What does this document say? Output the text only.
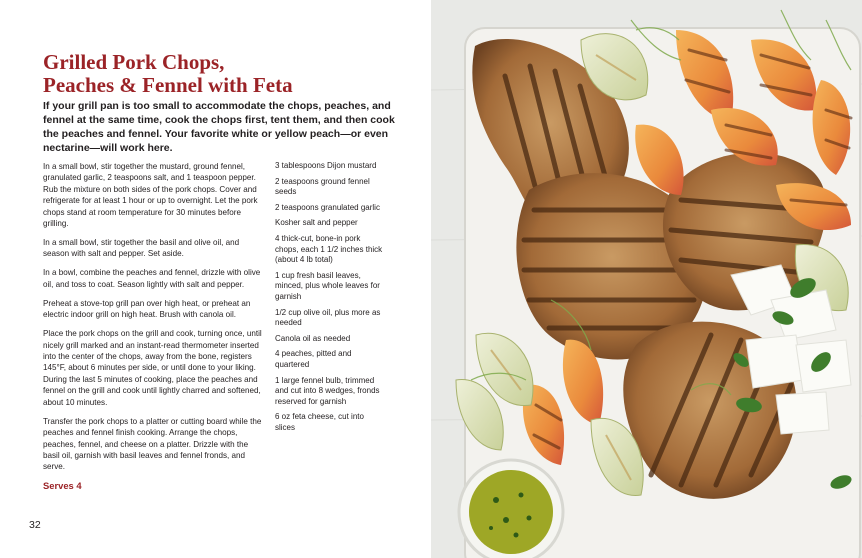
Grilled Pork Chops,
Peaches & Fennel with Feta

If your grill pan is too small to accommodate the chops, peaches, and fennel at the same time, cook the chops first, tent them, and then cook the peaches and fennel. Your favorite white or yellow peach—or even nectarine—will work here.

In a small bowl, stir together the mustard, ground fennel, granulated garlic, 2 teaspoons salt, and 1 teaspoon pepper. Rub the mixture on both sides of the pork chops. Cover and refrigerate for at least 1 hour or up to overnight. Let the pork chops stand at room temperature for 30 minutes before grilling.

In a small bowl, stir together the basil and olive oil, and season with salt and pepper. Set aside.

In a bowl, combine the peaches and fennel, drizzle with olive oil, and toss to coat. Season lightly with salt and pepper.

Preheat a stove-top grill pan over high heat, or preheat an electric indoor grill on high heat. Brush with canola oil.

Place the pork chops on the grill and cook, turning once, until nicely grill marked and an instant-read thermometer inserted into the center of the chops, away from the bone, registers 145°F, about 6 minutes per side, or until done to your liking. During the last 5 minutes of cooking, place the peaches and fennel on the grill and cook until lightly charred and softened, about 10 minutes.

Transfer the pork chops to a platter or cutting board while the peaches and fennel finish cooking. Arrange the chops, peaches, fennel, and cheese on a platter. Drizzle with the basil oil, garnish with basil leaves and fennel fronds, and serve.

Serves 4
3 tablespoons Dijon mustard
2 teaspoons ground fennel seeds
2 teaspoons granulated garlic
Kosher salt and pepper
4 thick-cut, bone-in pork chops, each 1 1/2 inches thick (about 4 lb total)
1 cup fresh basil leaves, minced, plus whole leaves for garnish
1/2 cup olive oil, plus more as needed
Canola oil as needed
4 peaches, pitted and quartered
1 large fennel bulb, trimmed and cut into 8 wedges, fronds reserved for garnish
6 oz feta cheese, cut into slices
32
